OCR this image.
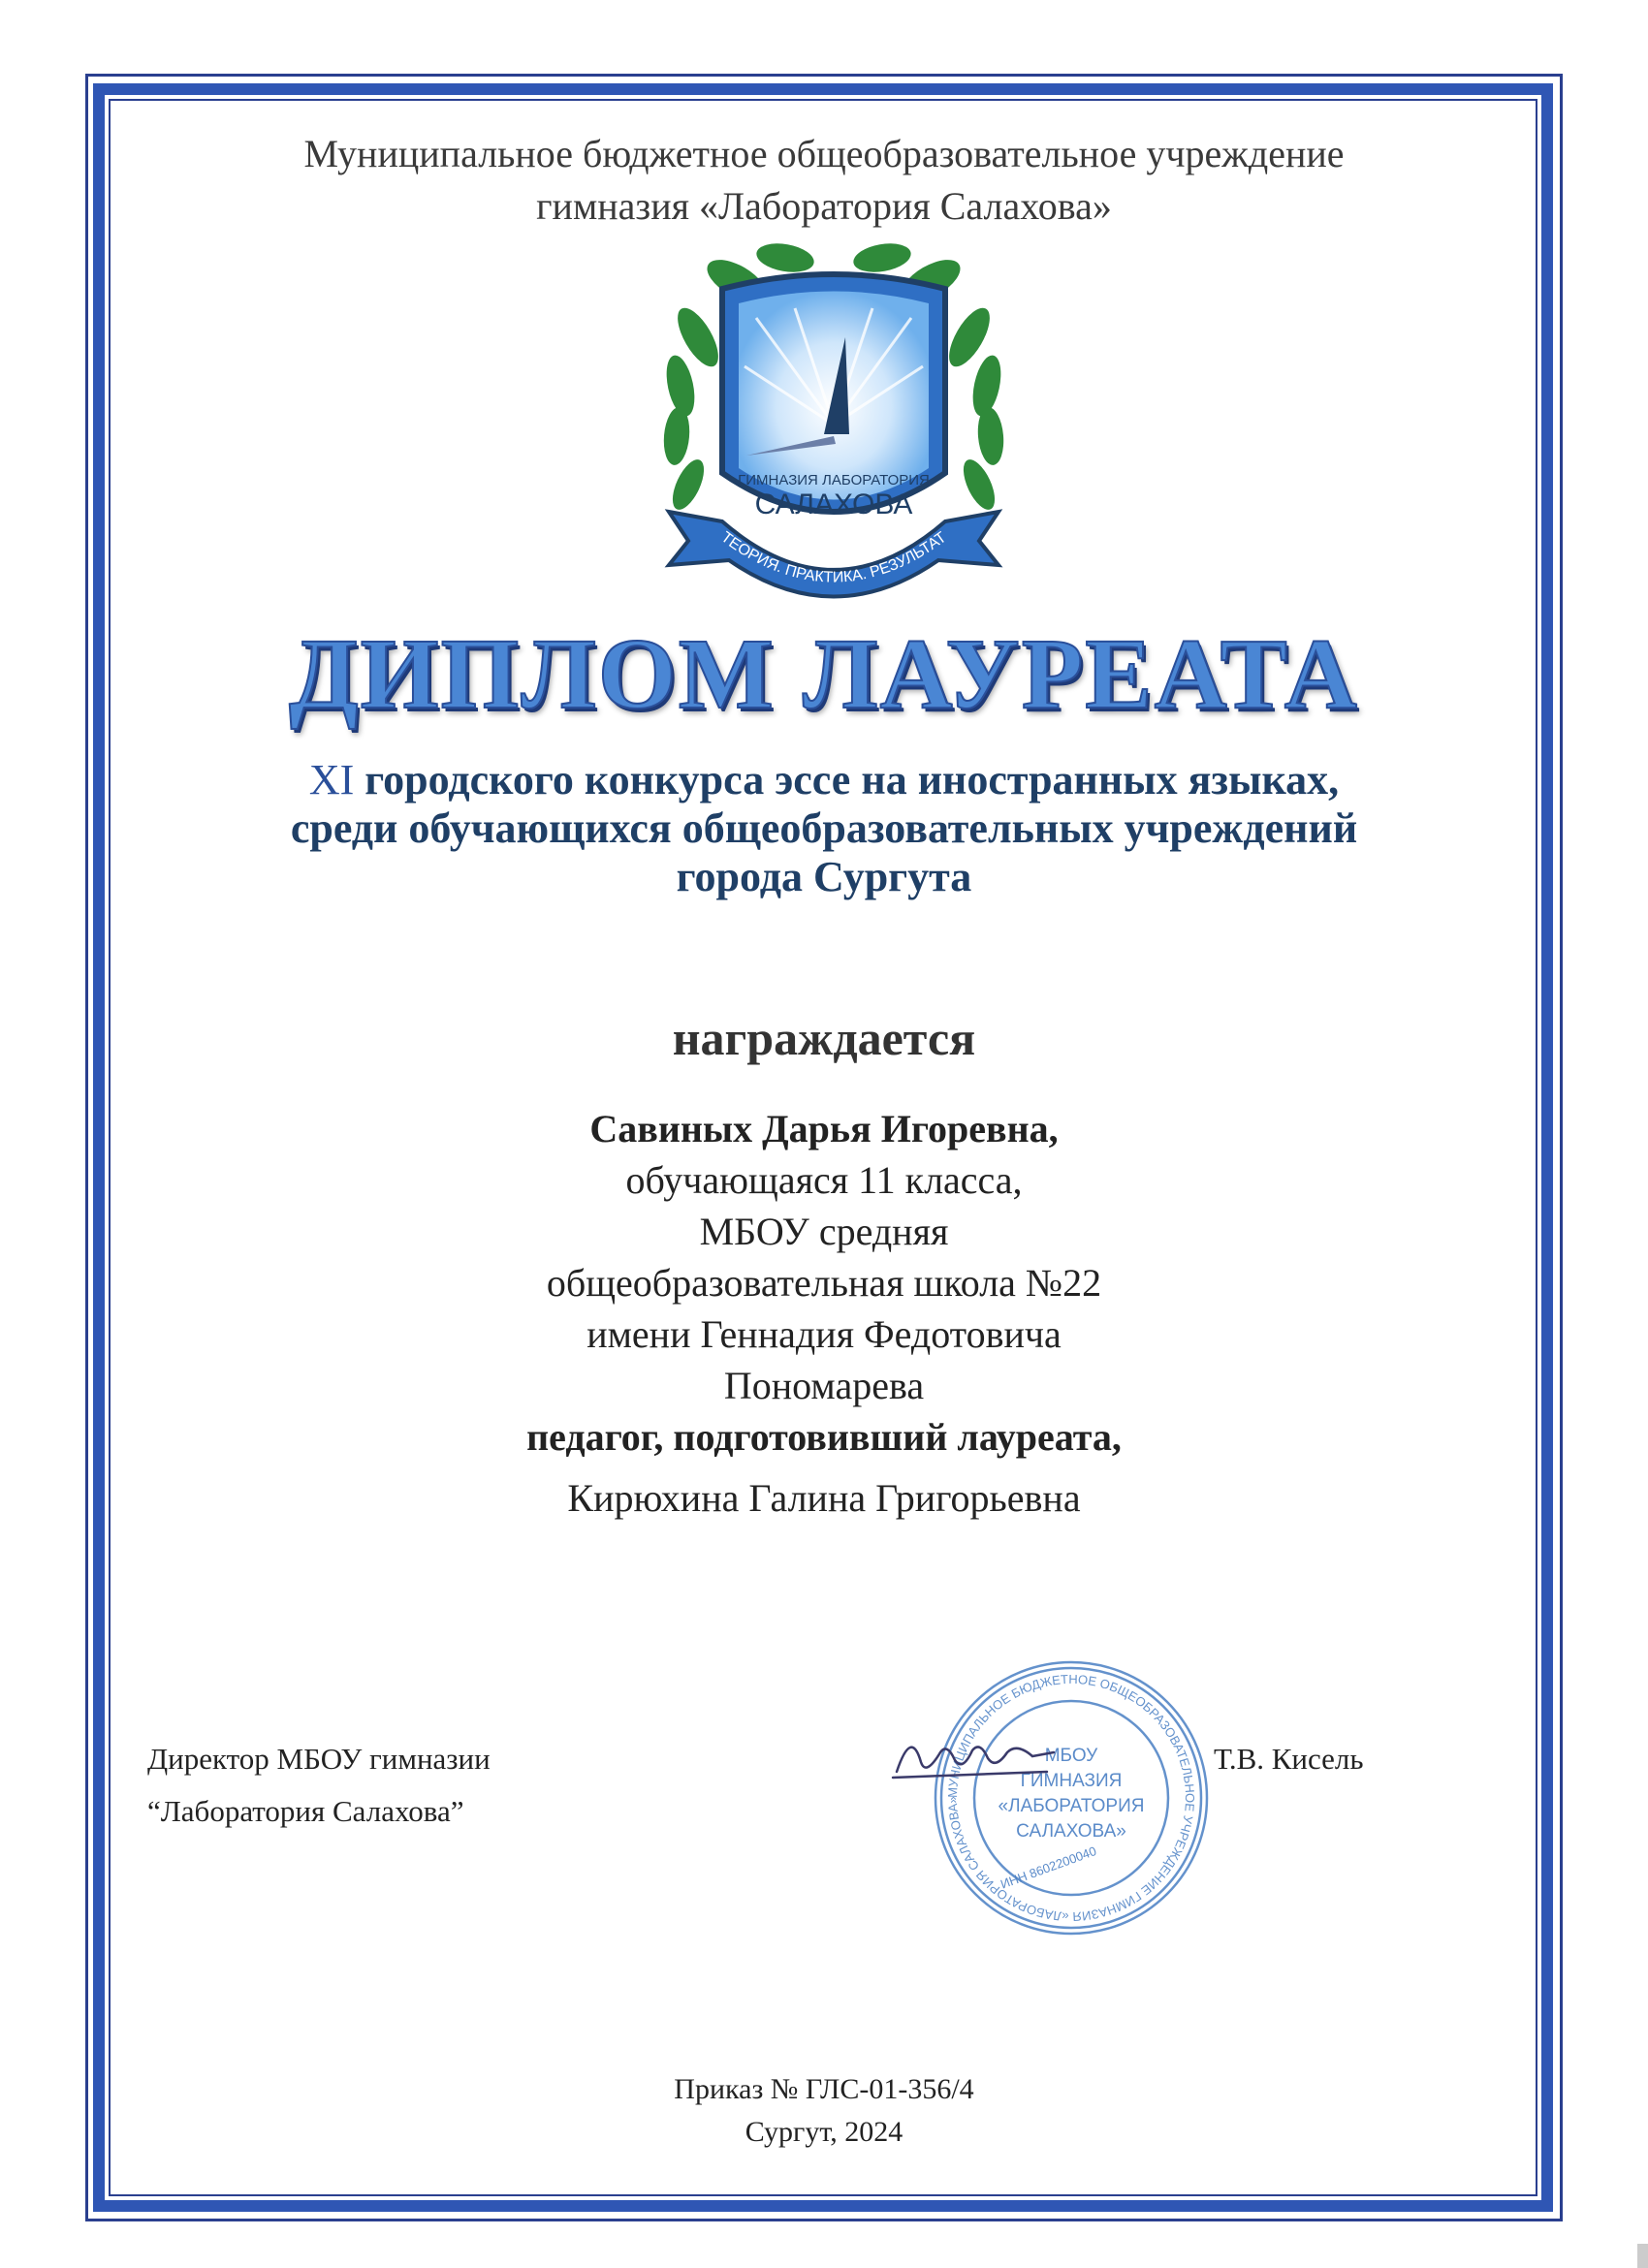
Муниципальное бюджетное общеобразовательное учреждение
гимназия «Лаборатория Салахова»
ГИМНАЗИЯ ЛАБОРАТОРИЯ
САЛАХОВА
ТЕОРИЯ. ПРАКТИКА. РЕЗУЛЬТАТ
ДИПЛОМ ЛАУРЕАТА
XI городского конкурса эссе на иностранных языках,
среди обучающихся общеобразовательных учреждений
города Сургута
награждается
Савиных Дарья Игоревна,
обучающаяся 11 класса,
МБОУ средняя
общеобразовательная школа №22
имени Геннадия Федотовича
Пономарева
педагог, подготовивший лауреата,
Кирюхина Галина Григорьевна
Директор МБОУ гимназии
“Лаборатория Салахова”
МУНИЦИПАЛЬНОЕ БЮДЖЕТНОЕ ОБЩЕОБРАЗОВАТЕЛЬНОЕ УЧРЕЖДЕНИЕ ГИМНАЗИЯ «ЛАБОРАТОРИЯ САЛАХОВА»
МБОУ
ГИМНАЗИЯ
«ЛАБОРАТОРИЯ
САЛАХОВА»
ИНН 8602200040
Т.В. Кисель
Приказ № ГЛС-01-356/4
Сургут, 2024
